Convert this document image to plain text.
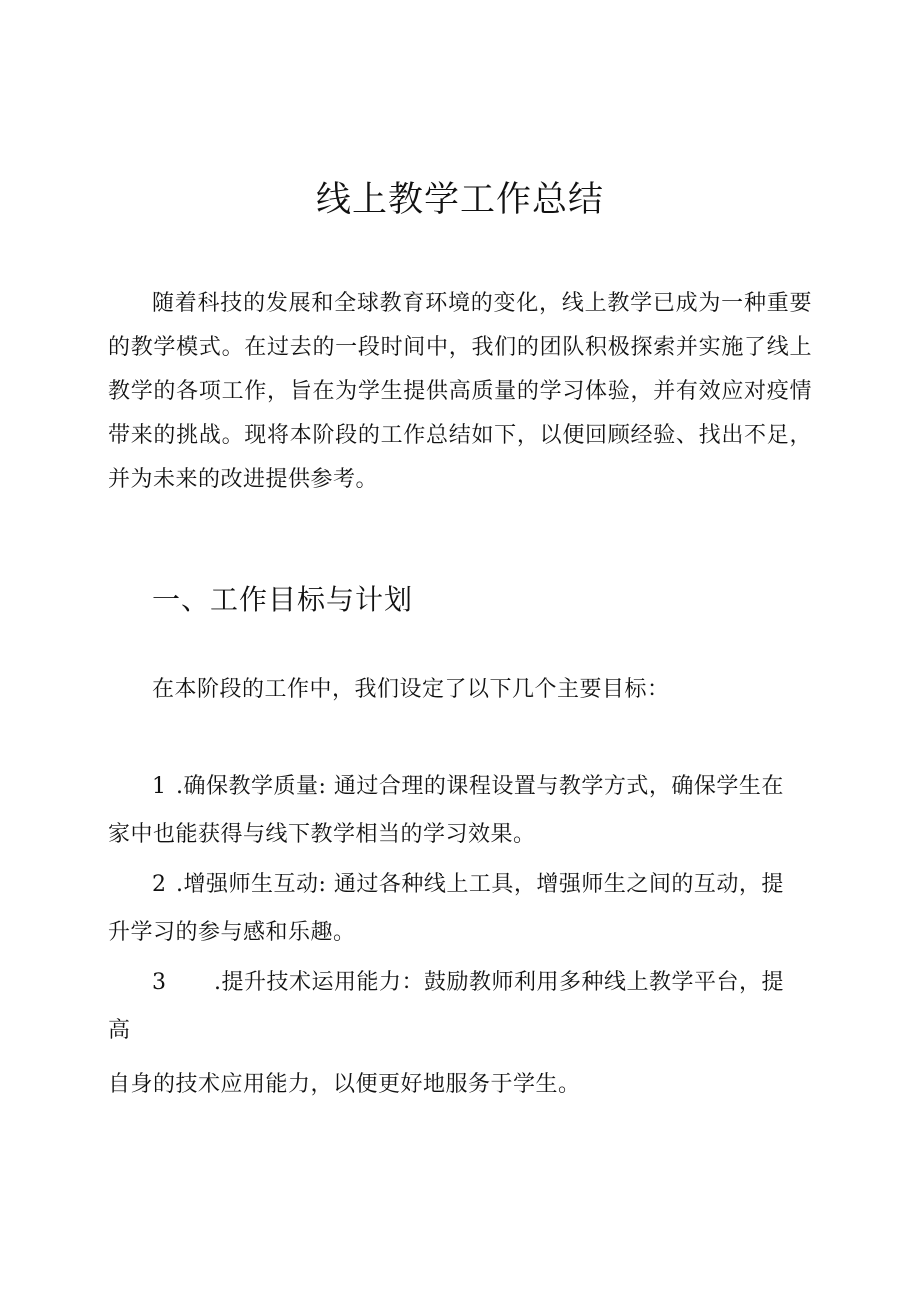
线上教学工作总结

随着科技的发展和全球教育环境的变化，线上教学已成为一种重要的教学模式。在过去的一段时间中，我们的团队积极探索并实施了线上教学的各项工作，旨在为学生提供高质量的学习体验，并有效应对疫情带来的挑战。现将本阶段的工作总结如下，以便回顾经验、找出不足，并为未来的改进提供参考。

一、工作目标与计划

在本阶段的工作中，我们设定了以下几个主要目标：

1 .确保教学质量: 通过合理的课程设置与教学方式，确保学生在

家中也能获得与线下教学相当的学习效果。

2 .增强师生互动: 通过各种线上工具，增强师生之间的互动，提

升学习的参与感和乐趣。

3 .提升技术运用能力：鼓励教师利用多种线上教学平台，提

高

自身的技术应用能力，以便更好地服务于学生。
